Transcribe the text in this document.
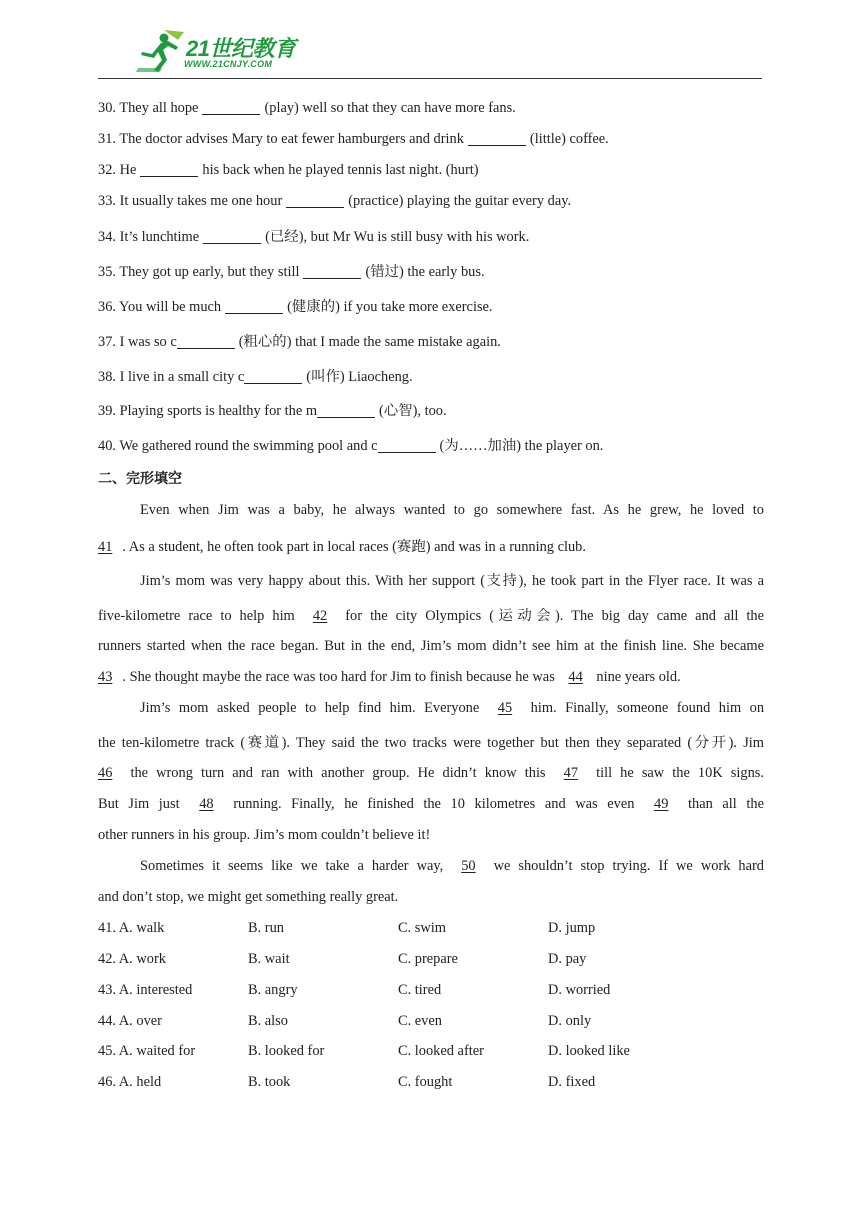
21世纪教育
WWW.21CNJY.COM
30. They all hope	(play) well so that they can have more fans.
31. The doctor advises Mary to eat fewer hamburgers and drink	(little) coffee.
32. He	his back when he played tennis last night. (hurt)
33. It usually takes me one hour	(practice) playing the guitar every day.
34. It’s lunchtime	(已经), but Mr Wu is still busy with his work.
35. They got up early, but they still	(错过) the early bus.
36. You will be much	(健康的) if you take more exercise.
37. I was so c	(粗心的) that I made the same mistake again.
38. I live in a small city c	(叫作) Liaocheng.
39. Playing sports is healthy for the m	(心智), too.
40. We gathered round the swimming pool and c	(为……加油) the player on.
二、完形填空
Even when Jim was a baby, he always wanted to go somewhere fast. As he grew, he loved to
41 . As a student, he often took part in local races (赛跑) and was in a running club.
Jim’s mom was very happy about this. With her support (支持), he took part in the Flyer race. It was a
five-kilometre race to help him 42 for the city Olympics (运动会). The big day came and all the
runners started when the race began. But in the end, Jim’s mom didn’t see him at the finish line. She became
43 . She thought maybe the race was too hard for Jim to finish because he was 44 nine years old.
Jim’s mom asked people to help find him. Everyone 45 him. Finally, someone found him on
the ten-kilometre track (赛道). They said the two tracks were together but then they separated (分开). Jim
46 the wrong turn and ran with another group. He didn’t know this 47 till he saw the 10K signs.
But Jim just 48 running. Finally, he finished the 10 kilometres and was even 49 than all the
other runners in his group. Jim’s mom couldn’t believe it!
Sometimes it seems like we take a harder way, 50 we shouldn’t stop trying. If we work hard
and don’t stop, we might get something really great.
41. A. walk	B. run	C. swim	D. jump
42. A. work	B. wait	C. prepare	D. pay
43. A. interested	B. angry	C. tired	D. worried
44. A. over	B. also	C. even	D. only
45. A. waited for	B. looked for	C. looked after	D. looked like
46. A. held	B. took	C. fought	D. fixed
